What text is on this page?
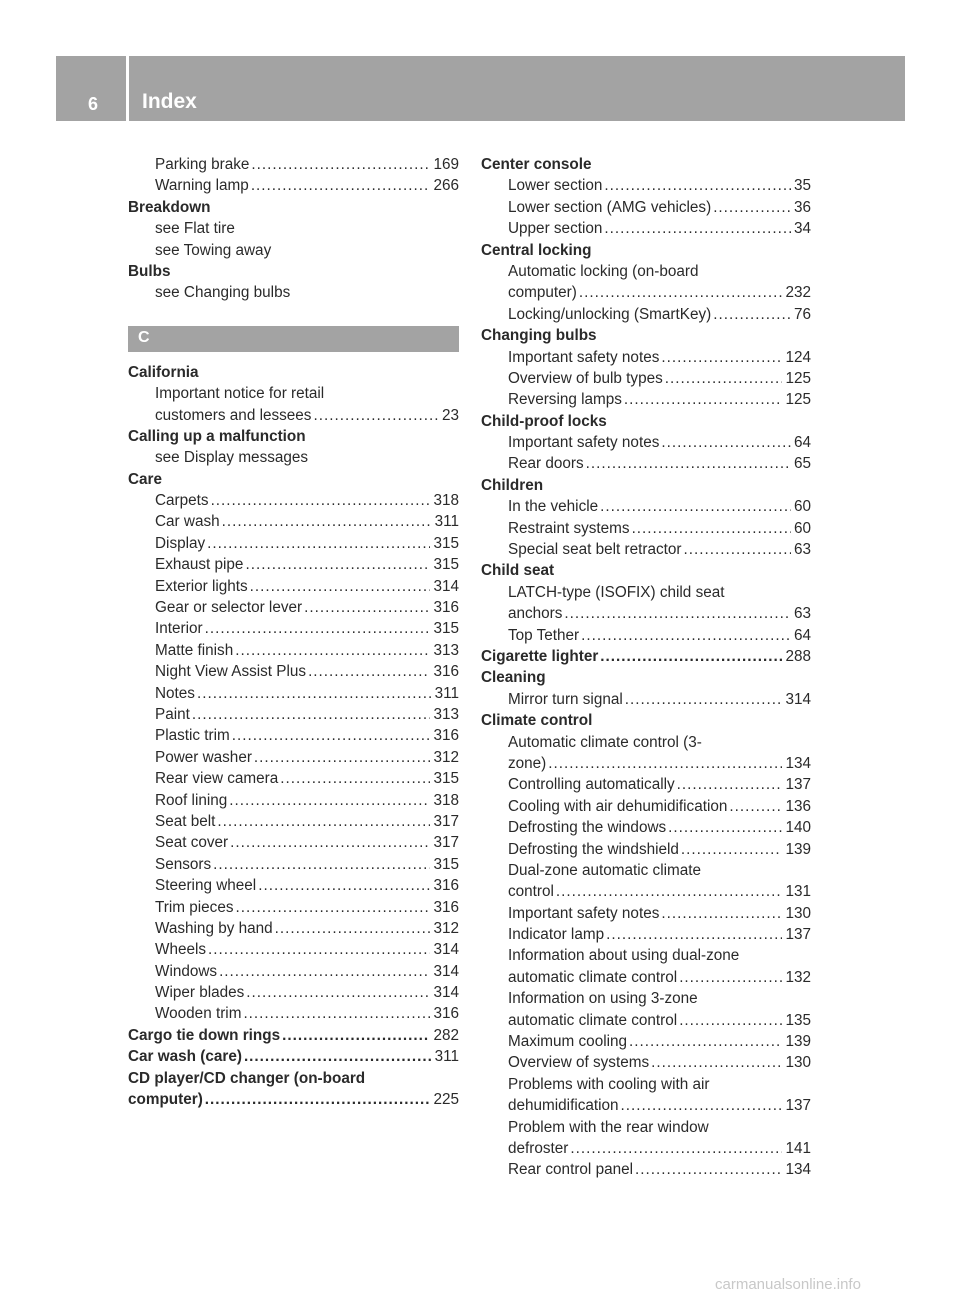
6 Index
Parking brake .....	169
Warning lamp .....	266
Breakdown
see Flat tire
see Towing away
Bulbs
see Changing bulbs
C
California
Important notice for retail
customers and lessees .....	23
Calling up a malfunction
see Display messages
Care
Carpets .....	318
Car wash .....	311
Display .....	315
Exhaust pipe .....	315
Exterior lights .....	314
Gear or selector lever .....	316
Interior .....	315
Matte finish .....	313
Night View Assist Plus .....	316
Notes .....	311
Paint .....	313
Plastic trim .....	316
Power washer .....	312
Rear view camera .....	315
Roof lining .....	318
Seat belt .....	317
Seat cover .....	317
Sensors .....	315
Steering wheel .....	316
Trim pieces .....	316
Washing by hand .....	312
Wheels .....	314
Windows .....	314
Wiper blades .....	314
Wooden trim .....	316
Cargo tie down rings .....	282
Car wash (care) .....	311
CD player/CD changer (on-board
computer) .....	225
Center console
Lower section .....	35
Lower section (AMG vehicles) .....	36
Upper section .....	34
Central locking
Automatic locking (on-board
computer) .....	232
Locking/unlocking (SmartKey) .....	76
Changing bulbs
Important safety notes .....	124
Overview of bulb types .....	125
Reversing lamps .....	125
Child-proof locks
Important safety notes .....	64
Rear doors .....	65
Children
In the vehicle .....	60
Restraint systems .....	60
Special seat belt retractor .....	63
Child seat
LATCH-type (ISOFIX) child seat
anchors .....	63
Top Tether .....	64
Cigarette lighter .....	288
Cleaning
Mirror turn signal .....	314
Climate control
Automatic climate control (3-
zone) .....	134
Controlling automatically .....	137
Cooling with air dehumidification .....	136
Defrosting the windows .....	140
Defrosting the windshield .....	139
Dual-zone automatic climate
control .....	131
Important safety notes .....	130
Indicator lamp .....	137
Information about using dual-zone
automatic climate control .....	132
Information on using 3-zone
automatic climate control .....	135
Maximum cooling .....	139
Overview of systems .....	130
Problems with cooling with air
dehumidification .....	137
Problem with the rear window
defroster .....	141
Rear control panel .....	134
carmanualsonline.info
